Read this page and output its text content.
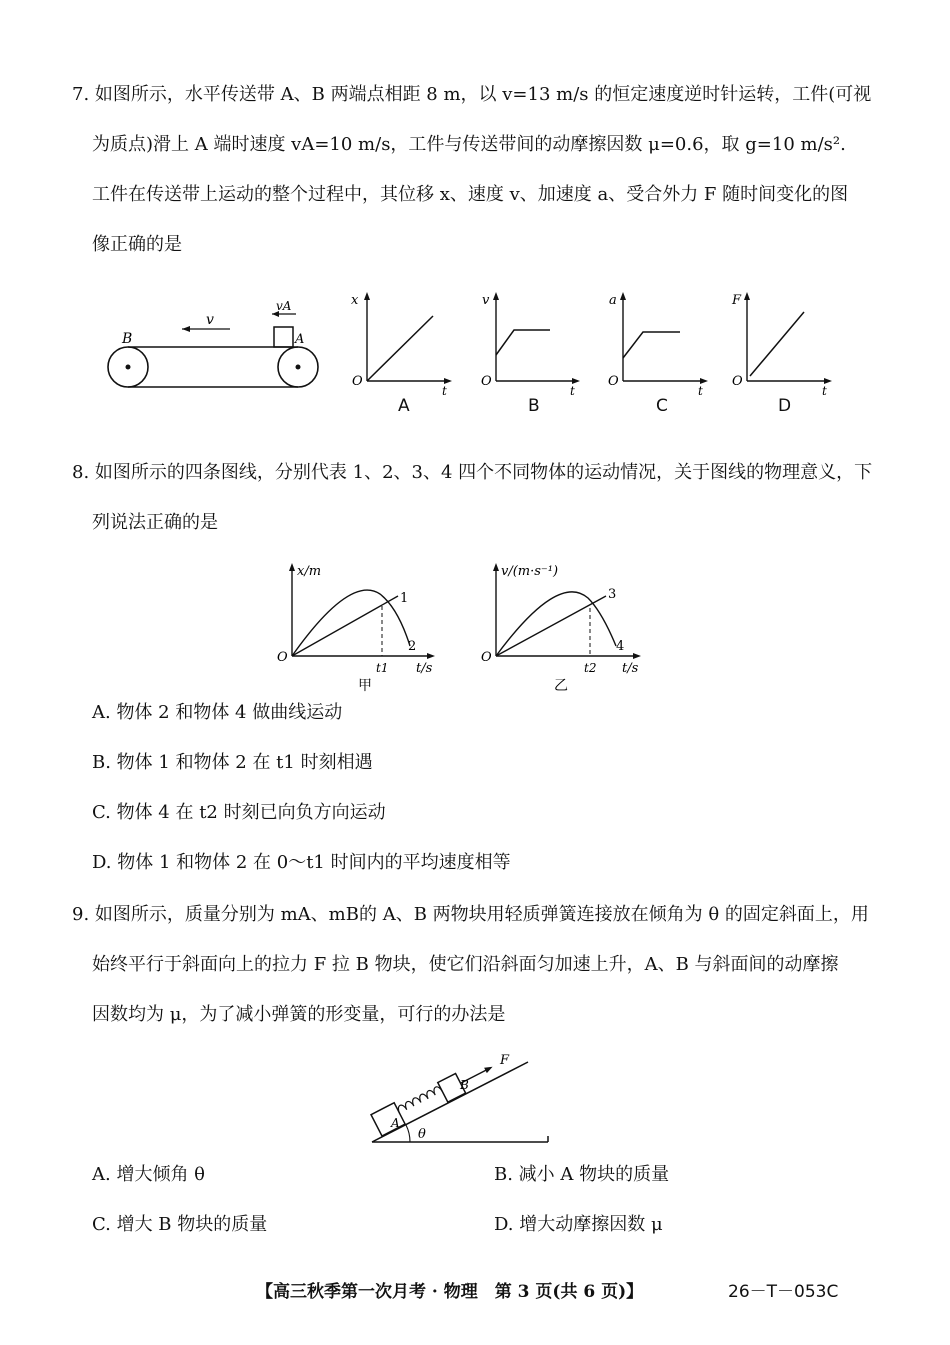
7. 如图所示，水平传送带 A、B 两端点相距 8 m，以 v=13 m/s 的恒定速度逆时针运转，工件(可视
为质点)滑上 A 端时速度 vA=10 m/s，工件与传送带间的动摩擦因数 μ=0.6，取 g=10 m/s².
工件在传送带上运动的整个过程中，其位移 x、速度 v、加速度 a、受合外力 F 随时间变化的图
像正确的是
B	A
v
vA	x
O
t
A
v
O
t
B
a
O
t
C
F
O
t
D
8. 如图所示的四条图线，分别代表 1、2、3、4 四个不同物体的运动情况，关于图线的物理意义，下
列说法正确的是
x/m
O
t/s
t1
1
2
甲
v/(m·s⁻¹)
O
t/s
t2
3
4
乙
A. 物体 2 和物体 4 做曲线运动
B. 物体 1 和物体 2 在 t1 时刻相遇
C. 物体 4 在 t2 时刻已向负方向运动
D. 物体 1 和物体 2 在 0～t1 时间内的平均速度相等
9. 如图所示，质量分别为 mA、mB的 A、B 两物块用轻质弹簧连接放在倾角为 θ 的固定斜面上，用
始终平行于斜面向上的拉力 F 拉 B 物块，使它们沿斜面匀加速上升，A、B 与斜面间的动摩擦
因数均为 μ，为了减小弹簧的形变量，可行的办法是
A
B
F
θ
A. 增大倾角 θ	B. 减小 A 物块的质量
C. 增大 B 物块的质量	D. 增大动摩擦因数 μ
【高三秋季第一次月考 · 物理　第 3 页(共 6 页)】	26－T－053C
